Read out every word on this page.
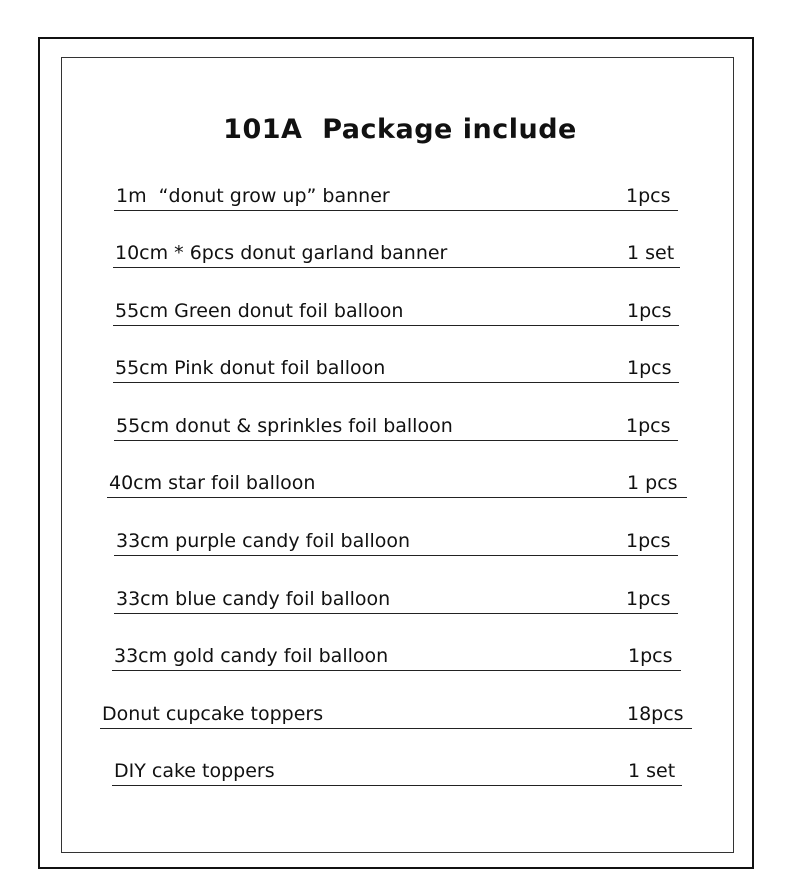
101A  Package include
1m  “donut grow up” banner	1pcs
10cm * 6pcs donut garland banner	1 set
55cm Green donut foil balloon	1pcs
55cm Pink donut foil balloon	1pcs
55cm donut & sprinkles foil balloon	1pcs
40cm star foil balloon	1 pcs
33cm purple candy foil balloon	1pcs
33cm blue candy foil balloon	1pcs
33cm gold candy foil balloon	1pcs
Donut cupcake toppers	18pcs
DIY cake toppers	1 set
